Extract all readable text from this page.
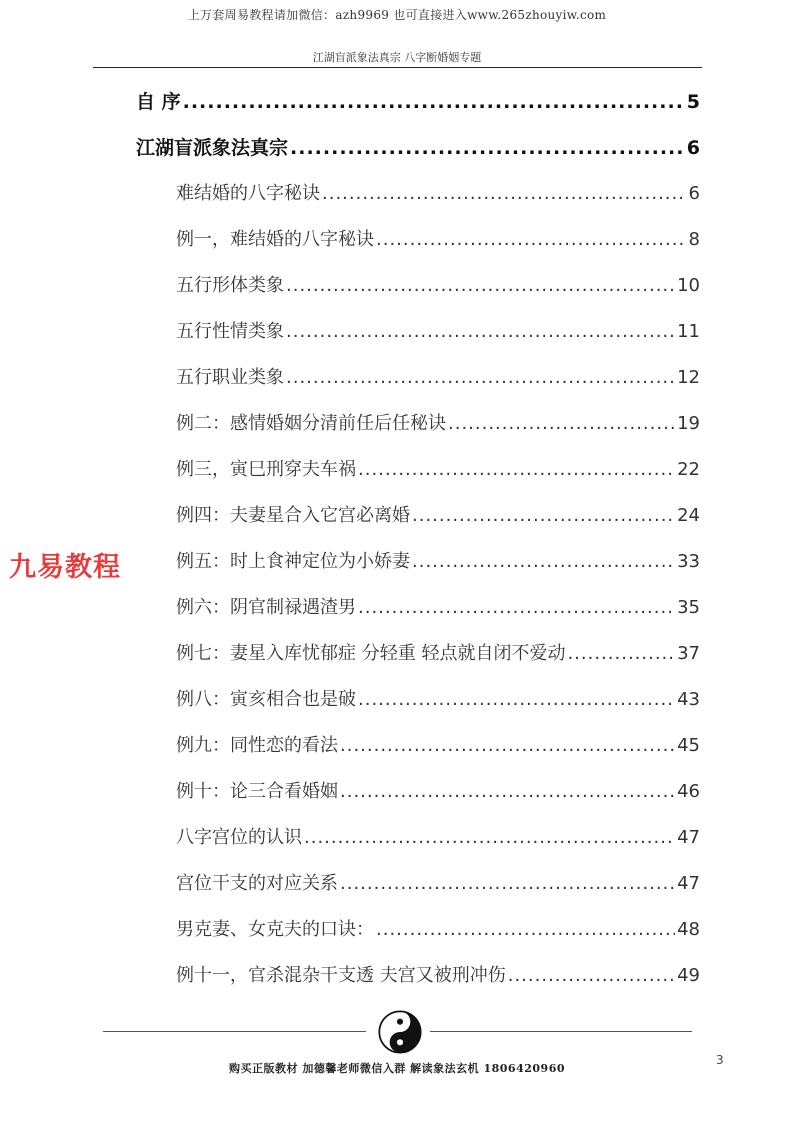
上万套周易教程请加微信：azh9969 也可直接进入www.265zhouyiw.com
江湖盲派象法真宗 八字断婚姻专题
自 序 .....	5
江湖盲派象法真宗 .....	6
难结婚的八字秘诀 .....	6
例一，难结婚的八字秘诀 .....	8
五行形体类象 .....	10
五行性情类象 .....	11
五行职业类象 .....	12
例二：感情婚姻分清前任后任秘诀 .....	19
例三，寅巳刑穿夫车祸 .....	22
例四：夫妻星合入它宫必离婚 .....	24
例五：时上食神定位为小娇妻 .....	33
例六：阴官制禄遇渣男 .....	35
例七：妻星入库忧郁症 分轻重 轻点就自闭不爱动 .....	37
例八：寅亥相合也是破 .....	43
例九：同性恋的看法 .....	45
例十：论三合看婚姻 .....	46
八字宫位的认识 .....	47
宫位干支的对应关系 .....	47
男克妻、女克夫的口诀： .....	48
例十一，官杀混杂干支透 夫宫又被刑冲伤 .....	49
九易教程
购买正版教材 加德馨老师微信入群 解读象法玄机 1806420960
3
